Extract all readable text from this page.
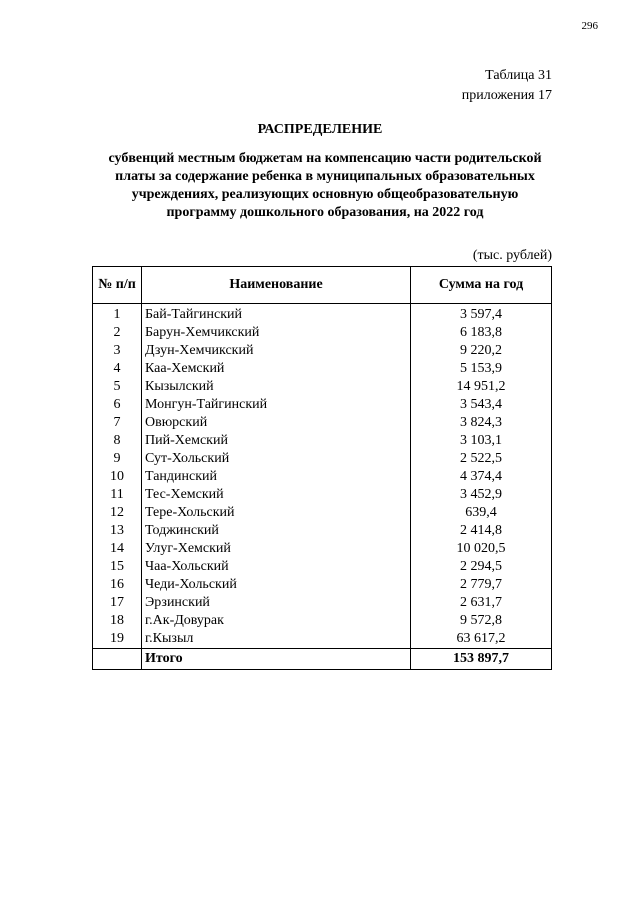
296
Таблица 31
приложения 17
РАСПРЕДЕЛЕНИЕ
субвенций местным бюджетам на компенсацию части родительской платы за содержание ребенка в муниципальных образовательных учреждениях, реализующих основную общеобразовательную программу дошкольного образования, на 2022 год
(тыс. рублей)
№ п/п	Наименование	Сумма на год
1	Бай-Тайгинский	3 597,4
2	Барун-Хемчикский	6 183,8
3	Дзун-Хемчикский	9 220,2
4	Каа-Хемский	5 153,9
5	Кызылский	14 951,2
6	Монгун-Тайгинский	3 543,4
7	Овюрский	3 824,3
8	Пий-Хемский	3 103,1
9	Сут-Хольский	2 522,5
10	Тандинский	4 374,4
11	Тес-Хемский	3 452,9
12	Тере-Хольский	639,4
13	Тоджинский	2 414,8
14	Улуг-Хемский	10 020,5
15	Чаа-Хольский	2 294,5
16	Чеди-Хольский	2 779,7
17	Эрзинский	2 631,7
18	г.Ак-Довурак	9 572,8
19	г.Кызыл	63 617,2
	Итого	153 897,7
